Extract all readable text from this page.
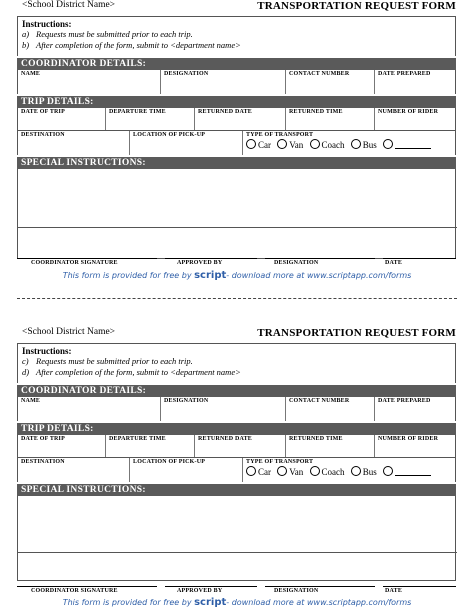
<School District Name>	TRANSPORTATION REQUEST FORM
Instructions:
a) Requests must be submitted prior to each trip.
b) After completion of the form, submit to <department name>
COORDINATOR DETAILS:
NAME	DESIGNATION	CONTACT NUMBER	DATE PREPARED
TRIP DETAILS:
DATE OF TRIP	DEPARTURE TIME	RETURNED DATE	RETURNED TIME	NUMBER OF RIDER
DESTINATION	LOCATION OF PICK-UP	TYPE OF TRANSPORT
Car Van Coach Bus
SPECIAL INSTRUCTIONS:
COORDINATOR SIGNATURE	APPROVED BY	DESIGNATION	DATE
This form is provided for free by script- download more at www.scriptapp.com/forms
<School District Name>	TRANSPORTATION REQUEST FORM
Instructions:
c) Requests must be submitted prior to each trip.
d) After completion of the form, submit to <department name>
COORDINATOR DETAILS:
NAME	DESIGNATION	CONTACT NUMBER	DATE PREPARED
TRIP DETAILS:
DATE OF TRIP	DEPARTURE TIME	RETURNED DATE	RETURNED TIME	NUMBER OF RIDER
DESTINATION	LOCATION OF PICK-UP	TYPE OF TRANSPORT
Car Van Coach Bus
SPECIAL INSTRUCTIONS:
COORDINATOR SIGNATURE	APPROVED BY	DESIGNATION	DATE
This form is provided for free by script- download more at www.scriptapp.com/forms
